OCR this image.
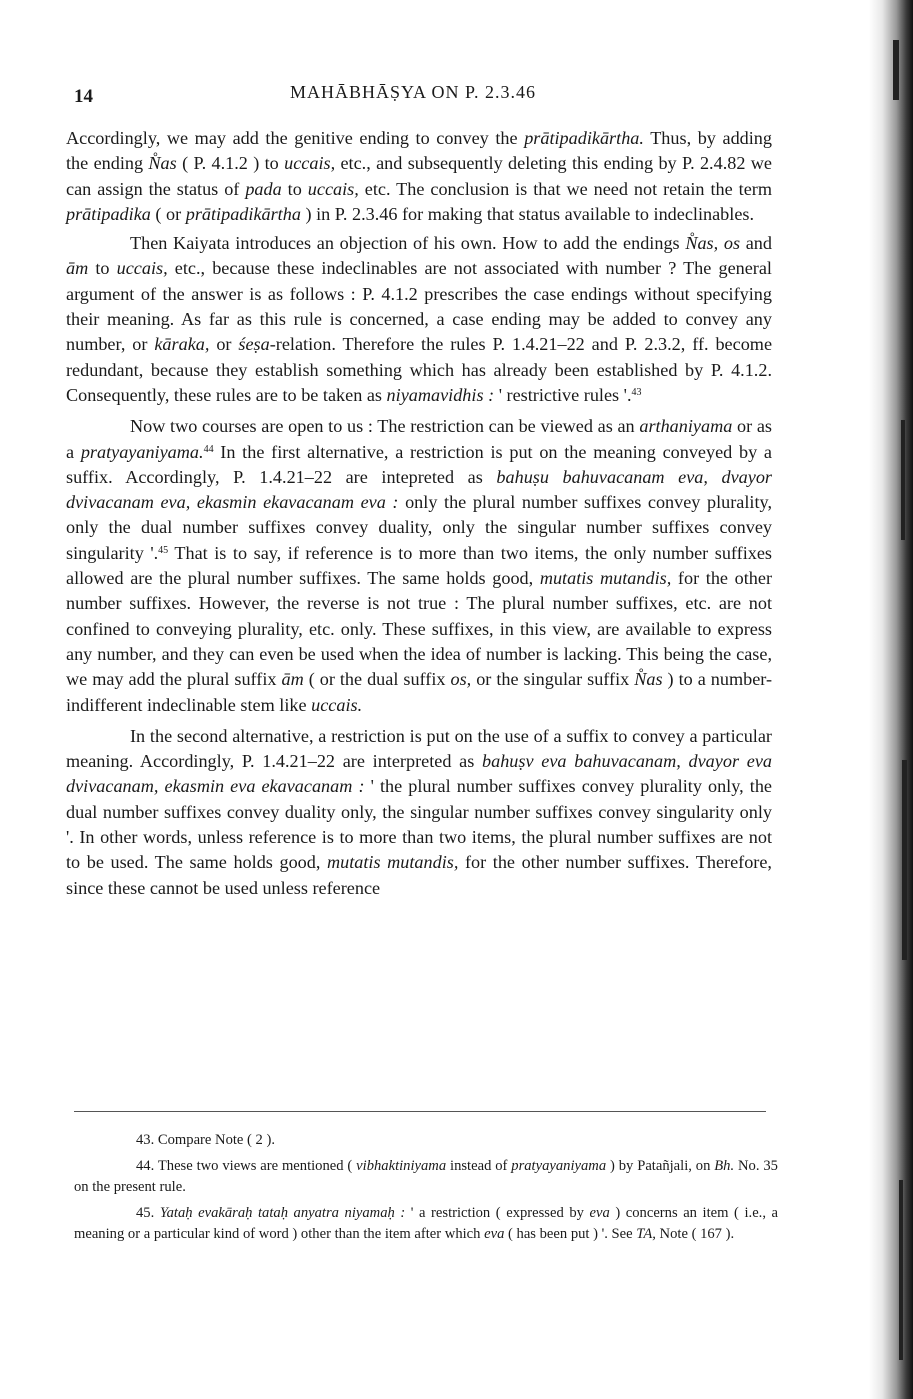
14	MAHĀBHĀṢYA ON P. 2.3.46

Accordingly, we may add the genitive ending to convey the prātipadikārtha. Thus, by adding the ending N̊as ( P. 4.1.2 ) to uccais, etc., and subsequently deleting this ending by P. 2.4.82 we can assign the status of pada to uccais, etc. The conclusion is that we need not retain the term prātipadika ( or prātipadikārtha ) in P. 2.3.46 for making that status available to indeclinables.

Then Kaiyata introduces an objection of his own. How to add the endings N̊as, os and ām to uccais, etc., because these indeclinables are not associated with number ? The general argument of the answer is as follows : P. 4.1.2 prescribes the case endings without specifying their meaning. As far as this rule is concerned, a case ending may be added to convey any number, or kāraka, or śeṣa-relation. Therefore the rules P. 1.4.21–22 and P. 2.3.2, ff. become redundant, because they establish something which has already been established by P. 4.1.2. Consequently, these rules are to be taken as niyamavidhis : ' restrictive rules '.$^{43}$

Now two courses are open to us : The restriction can be viewed as an arthaniyama or as a pratyayaniyama.$^{44}$ In the first alternative, a restriction is put on the meaning conveyed by a suffix. Accordingly, P. 1.4.21–22 are intepreted as bahuṣu bahuvacanam eva, dvayor dvivacanam eva, ekasmin ekavacanam eva : only the plural number suffixes convey plurality, only the dual number suffixes convey duality, only the singular number suffixes convey singularity '.$^{45}$ That is to say, if reference is to more than two items, the only number suffixes allowed are the plural number suffixes. The same holds good, mutatis mutandis, for the other number suffixes. However, the reverse is not true : The plural number suffixes, etc. are not confined to conveying plurality, etc. only. These suffixes, in this view, are available to express any number, and they can even be used when the idea of number is lacking. This being the case, we may add the plural suffix ām ( or the dual suffix os, or the singular suffix N̊as ) to a number-indifferent indeclinable stem like uccais.

In the second alternative, a restriction is put on the use of a suffix to convey a particular meaning. Accordingly, P. 1.4.21–22 are interpreted as bahuṣv eva bahuvacanam, dvayor eva dvivacanam, ekasmin eva ekavacanam : ' the plural number suffixes convey plurality only, the dual number suffixes convey duality only, the singular number suffixes convey singularity only '. In other words, unless reference is to more than two items, the plural number suffixes are not to be used. The same holds good, mutatis mutandis, for the other number suffixes. Therefore, since these cannot be used unless reference

43. Compare Note ( 2 ).

44. These two views are mentioned ( vibhaktiniyama instead of pratyayaniyama ) by Patañjali, on Bh. No. 35 on the present rule.

45. Yataḥ evakāraḥ tataḥ anyatra niyamaḥ : ' a restriction ( expressed by eva ) concerns an item ( i.e., a meaning or a particular kind of word ) other than the item after which eva ( has been put ) '. See TA, Note ( 167 ).
